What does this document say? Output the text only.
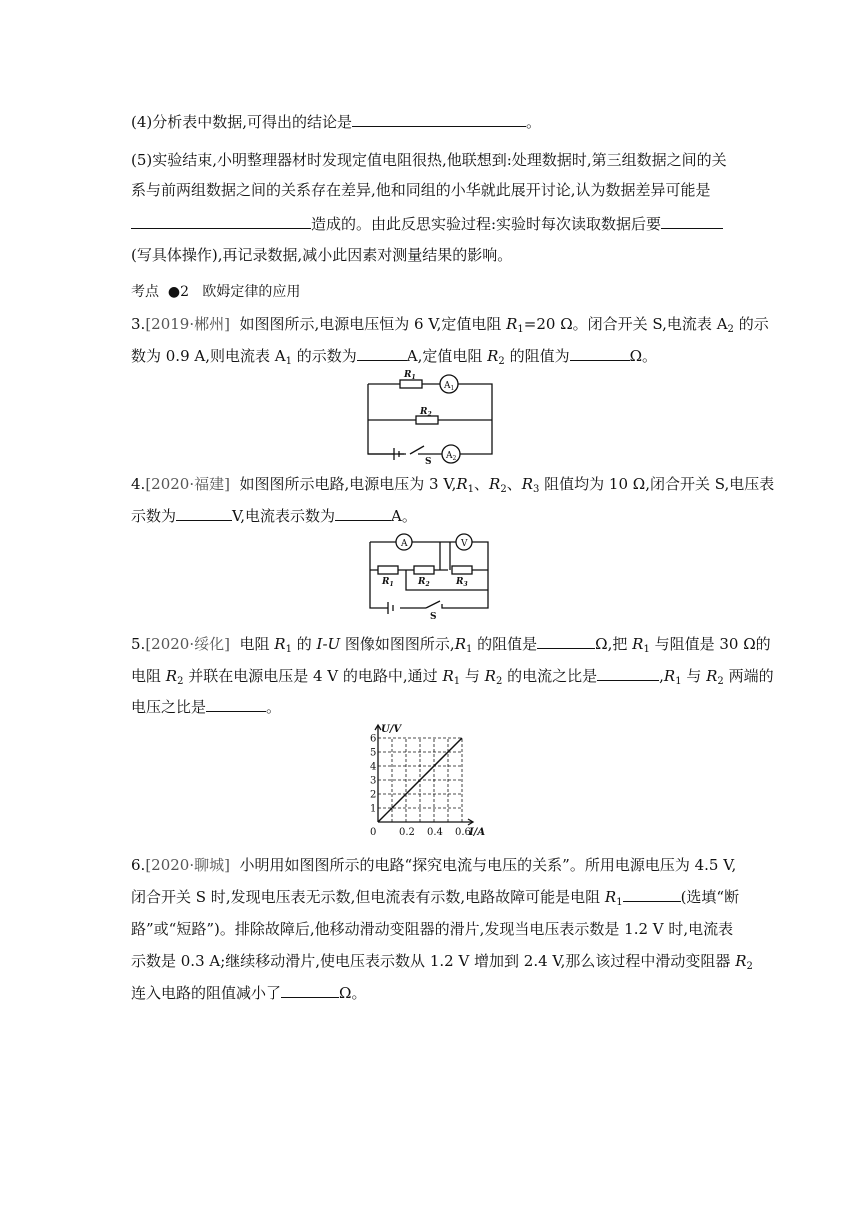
(4)分析表中数据,可得出的结论是	。
(5)实验结束,小明整理器材时发现定值电阻很热,他联想到:处理数据时,第三组数据之间的关
系与前两组数据之间的关系存在差异,他和同组的小华就此展开讨论,认为数据差异可能是
造成的。由此反思实验过程:实验时每次读取数据后要
(写具体操作),再记录数据,减小此因素对测量结果的影响。
考点 ●2 欧姆定律的应用
3.[2019·郴州] 如图图所示,电源电压恒为 6 V,定值电阻 $R_1=20$ Ω。闭合开关 S,电流表 $A_2$ 的示
数为 0.9 A,则电流表 $A_1$ 的示数为	A,定值电阻 $R_2$ 的阻值为	Ω。
$R_1$
$R_2$
$A_1$
$A_2$
S
4.[2020·福建] 如图图所示电路,电源电压为 3 $V,R_1$、$R_2$、$R_3$ 阻值均为 10 Ω,闭合开关 S,电压表
示数为	V,电流表示数为	A。
A	V
$R_1$	$R_2$	$R_3$
S
5.[2020·绥化] 电阻 $R_1$ 的 I-U 图像如图图所示$,R_1$ 的阻值是	Ω,把 $R_1$ 与阻值是 30 Ω的
电阻 $R_2$ 并联在电源电压是 4 V 的电路中,通过 $R_1$ 与 $R_2$ 的电流之比是	$,R_1$ 与 $R_2$ 两端的
电压之比是	。
1
2
3
4
5
6
0 0.2 0.4 0.6
U/V
I/A
6.[2020·聊城] 小明用如图图所示的电路“探究电流与电压的关系”。所用电源电压为 4.5 V,
闭合开关 S 时,发现电压表无示数,但电流表有示数,电路故障可能是电阻 $R_1$	(选填“断
路”或“短路”)。排除故障后,他移动滑动变阻器的滑片,发现当电压表示数是 1.2 V 时,电流表
示数是 0.3 A;继续移动滑片,使电压表示数从 1.2 V 增加到 2.4 V,那么该过程中滑动变阻器 $R_2$
连入电路的阻值减小了	Ω。
